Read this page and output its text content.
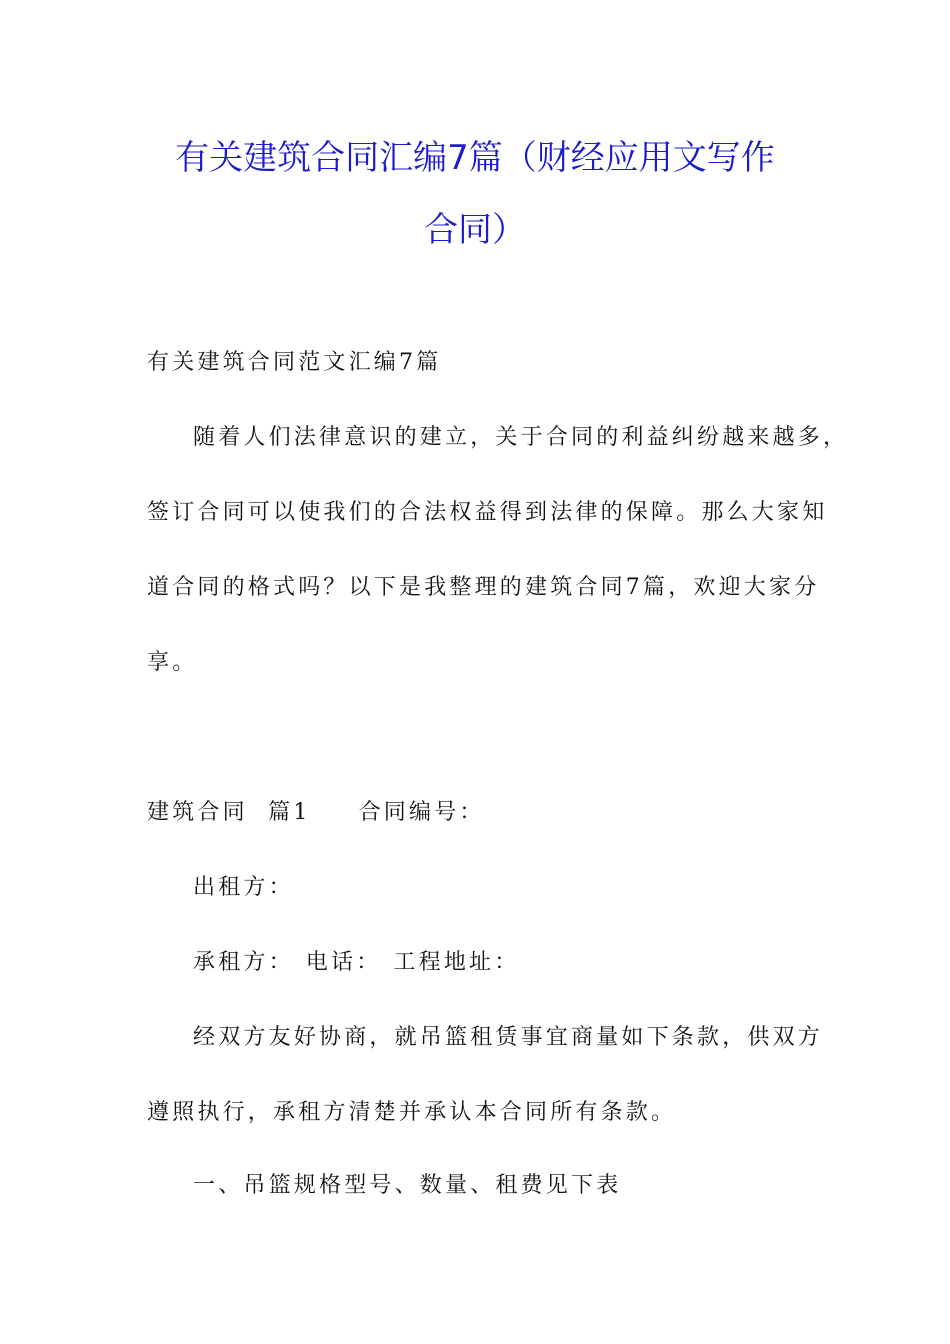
有关建筑合同汇编7篇（财经应用文写作
合同）

有关建筑合同范文汇编7篇

随着人们法律意识的建立，关于合同的利益纠纷越来越多，

签订合同可以使我们的合法权益得到法律的保障。那么大家知

道合同的格式吗？以下是我整理的建筑合同7篇，欢迎大家分

享。

建筑合同  篇1 合同编号：

出租方：

承租方： 电话： 工程地址：

经双方友好协商，就吊篮租赁事宜商量如下条款，供双方

遵照执行，承租方清楚并承认本合同所有条款。

一、吊篮规格型号、数量、租费见下表
